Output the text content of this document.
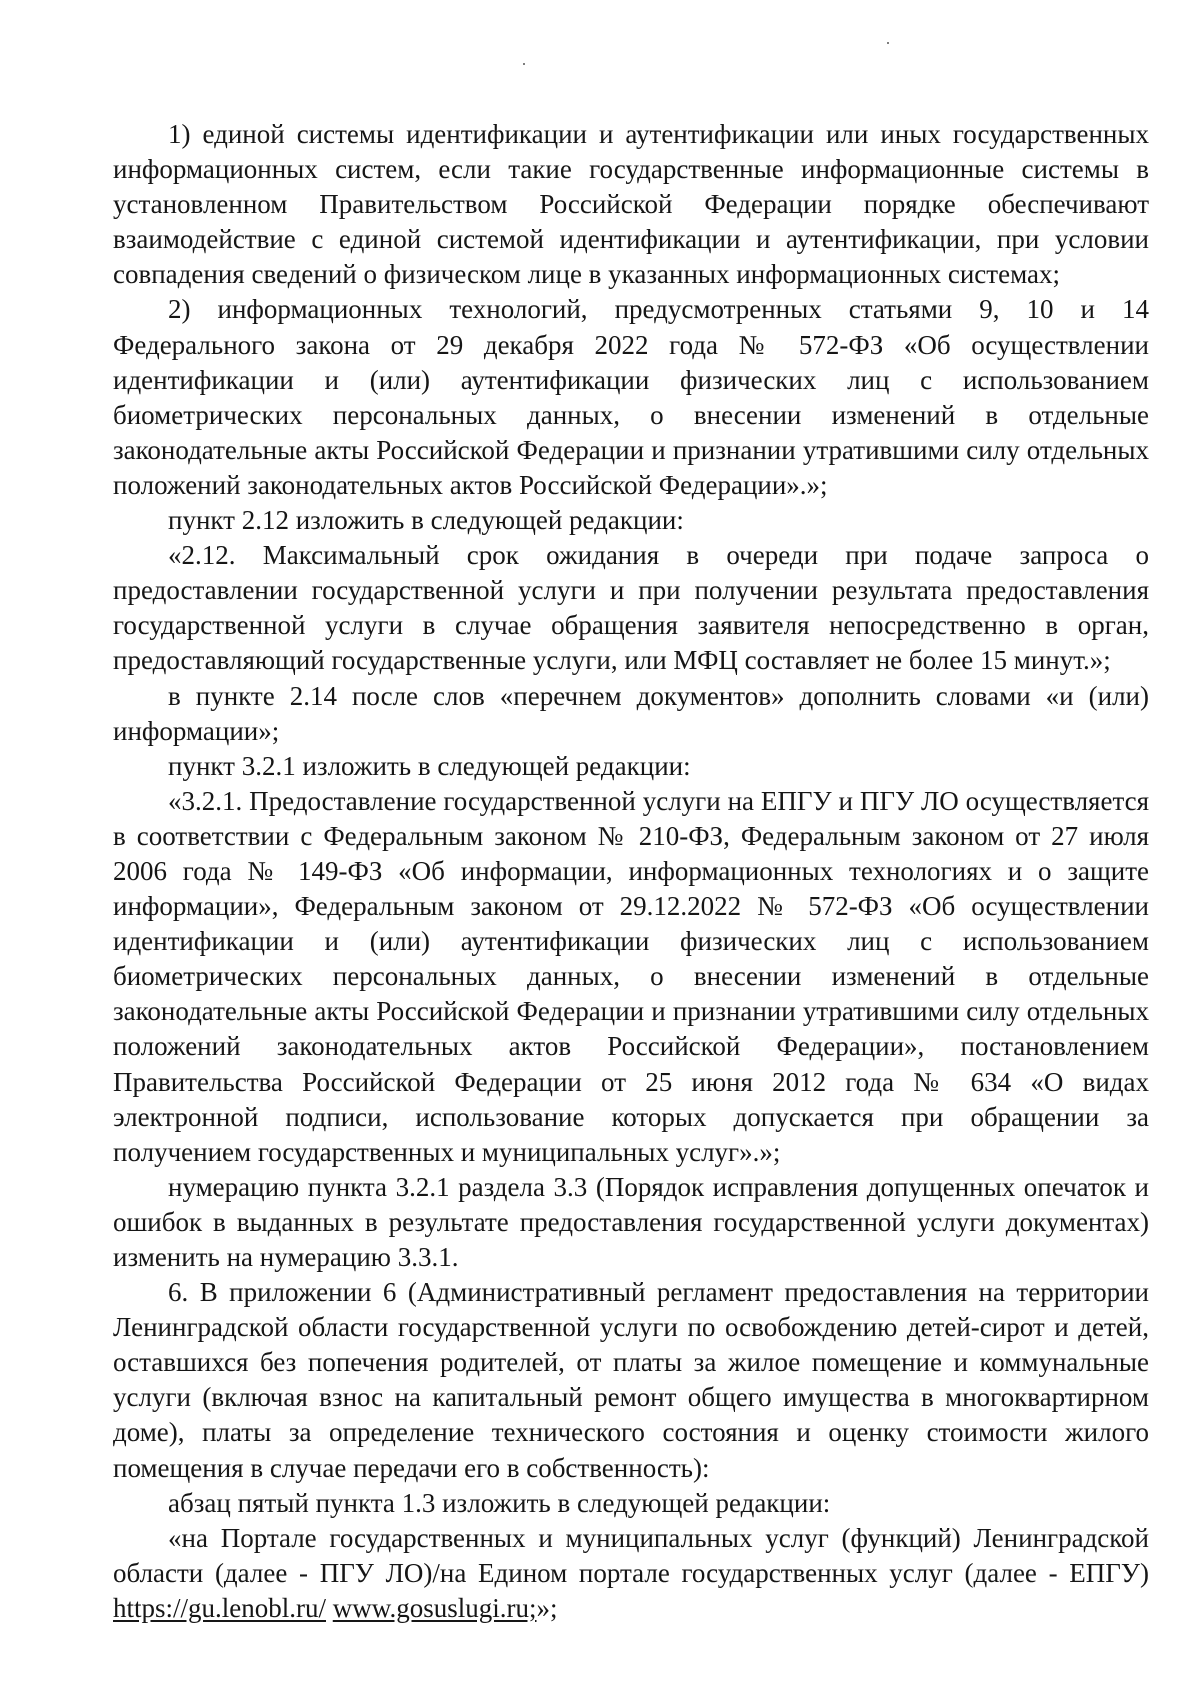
1) единой системы идентификации и аутентификации или иных государственных информационных систем, если такие государственные информационные системы в установленном Правительством Российской Федерации порядке обеспечивают взаимодействие с единой системой идентификации и аутентификации, при условии совпадения сведений о физическом лице в указанных информационных системах;

2) информационных технологий, предусмотренных статьями 9, 10 и 14 Федерального закона от 29 декабря 2022 года № 572-ФЗ «Об осуществлении идентификации и (или) аутентификации физических лиц с использованием биометрических персональных данных, о внесении изменений в отдельные законодательные акты Российской Федерации и признании утратившими силу отдельных положений законодательных актов Российской Федерации».»;

пункт 2.12 изложить в следующей редакции:

«2.12. Максимальный срок ожидания в очереди при подаче запроса о предоставлении государственной услуги и при получении результата предоставления государственной услуги в случае обращения заявителя непосредственно в орган, предоставляющий государственные услуги, или МФЦ составляет не более 15 минут.»;

в пункте 2.14 после слов «перечнем документов» дополнить словами «и (или) информации»;

пункт 3.2.1 изложить в следующей редакции:

«3.2.1. Предоставление государственной услуги на ЕПГУ и ПГУ ЛО осуществляется в соответствии с Федеральным законом № 210-ФЗ, Федеральным законом от 27 июля 2006 года № 149-ФЗ «Об информации, информационных технологиях и о защите информации», Федеральным законом от 29.12.2022 № 572-ФЗ «Об осуществлении идентификации и (или) аутентификации физических лиц с использованием биометрических персональных данных, о внесении изменений в отдельные законодательные акты Российской Федерации и признании утратившими силу отдельных положений законодательных актов Российской Федерации», постановлением Правительства Российской Федерации от 25 июня 2012 года № 634 «О видах электронной подписи, использование которых допускается при обращении за получением государственных и муниципальных услуг».»;

нумерацию пункта 3.2.1 раздела 3.3 (Порядок исправления допущенных опечаток и ошибок в выданных в результате предоставления государственной услуги документах) изменить на нумерацию 3.3.1.

6. В приложении 6 (Административный регламент предоставления на территории Ленинградской области государственной услуги по освобождению детей-сирот и детей, оставшихся без попечения родителей, от платы за жилое помещение и коммунальные услуги (включая взнос на капитальный ремонт общего имущества в многоквартирном доме), платы за определение технического состояния и оценку стоимости жилого помещения в случае передачи его в собственность):

абзац пятый пункта 1.3 изложить в следующей редакции:

«на Портале государственных и муниципальных услуг (функций) Ленинградской области (далее - ПГУ ЛО)/на Едином портале государственных услуг (далее - ЕПГУ) https://gu.lenobl.ru/ www.gosuslugi.ru;»;
